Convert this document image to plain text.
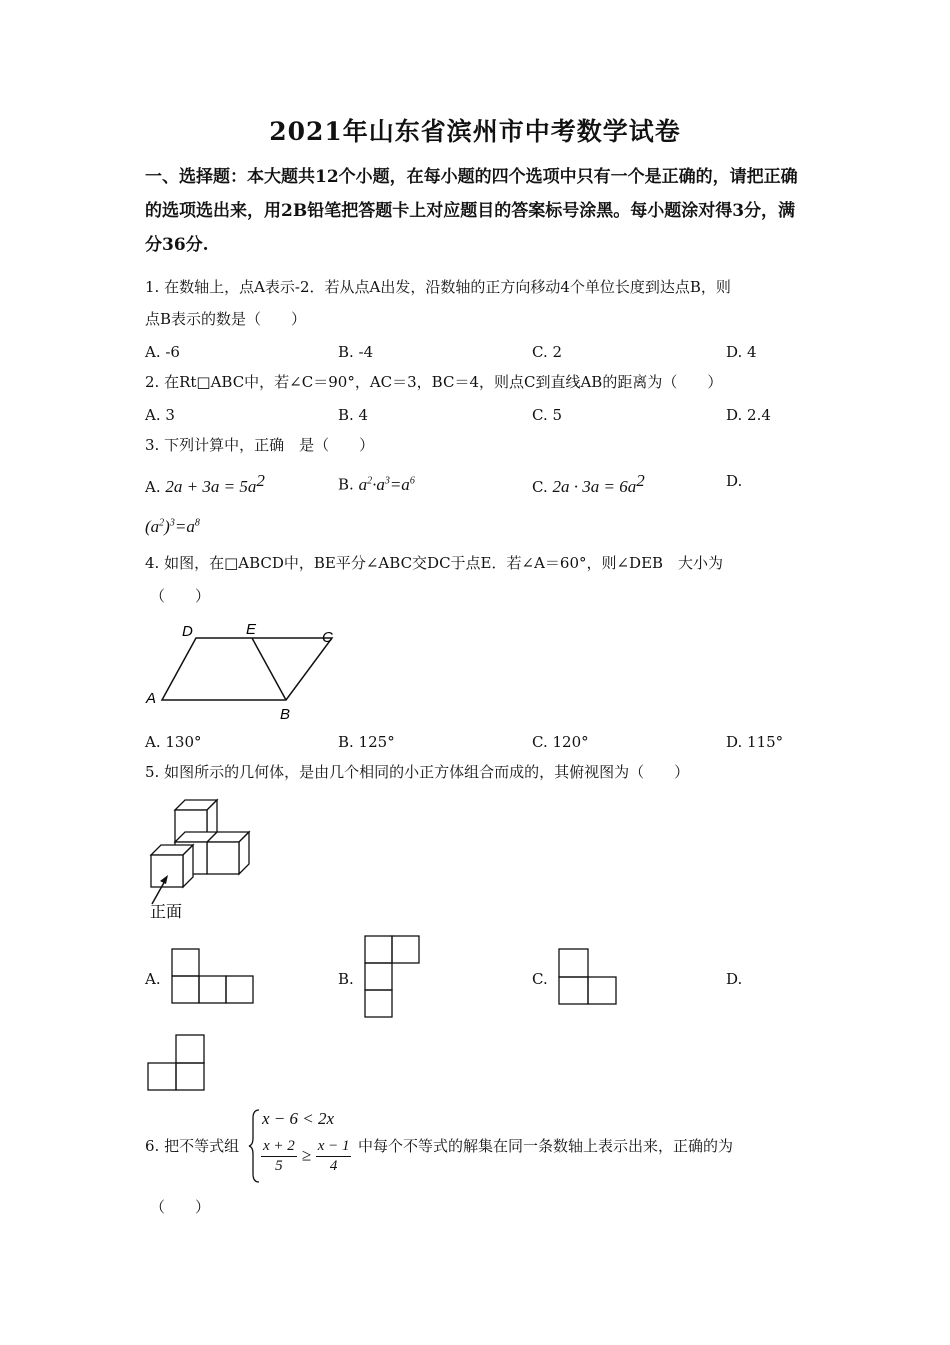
2021年山东省滨州市中考数学试卷
一、选择题：本大题共12个小题，在每小题的四个选项中只有一个是正确的，请把正确的选项选出来，用2B铅笔把答题卡上对应题目的答案标号涂黑。每小题涂对得3分，满分36分.
1. 在数轴上，点A表示-2．若从点A出发，沿数轴的正方向移动4个单位长度到达点B，则
点B表示的数是（　　）
A. -6	B. -4	C. 2	D. 4
2. 在Rt□ABC中，若∠C＝90°，AC＝3，BC＝4，则点C到直线AB的距离为（　　）
A. 3	B. 4	C. 5	D. 2.4
3. 下列计算中，正确　是（　　）
A. $2a + 3a = 5a^2$	B. $a^2\cdot a^3=a^6$	C. $2a \cdot 3a = 6a^2$	D.
$(a^2)^3=a^8$
4. 如图，在□ABCD中，BE平分∠ABC交DC于点E．若∠A＝60°，则∠DEB　大小为
（　　）
D	E	C
A
B
A. 130°	B. 125°	C. 120°	D. 115°
5. 如图所示的几何体，是由几个相同的小正方体组合而成的，其俯视图为（　　）
正面
A.	B.	C.	D.
6. 把不等式组
x − 6 < 2x
$\frac{x + 2}{5} \ge \frac{x - 1}{4}$ 中每个不等式的解集在同一条数轴上表示出来，正确的为
（　　）
